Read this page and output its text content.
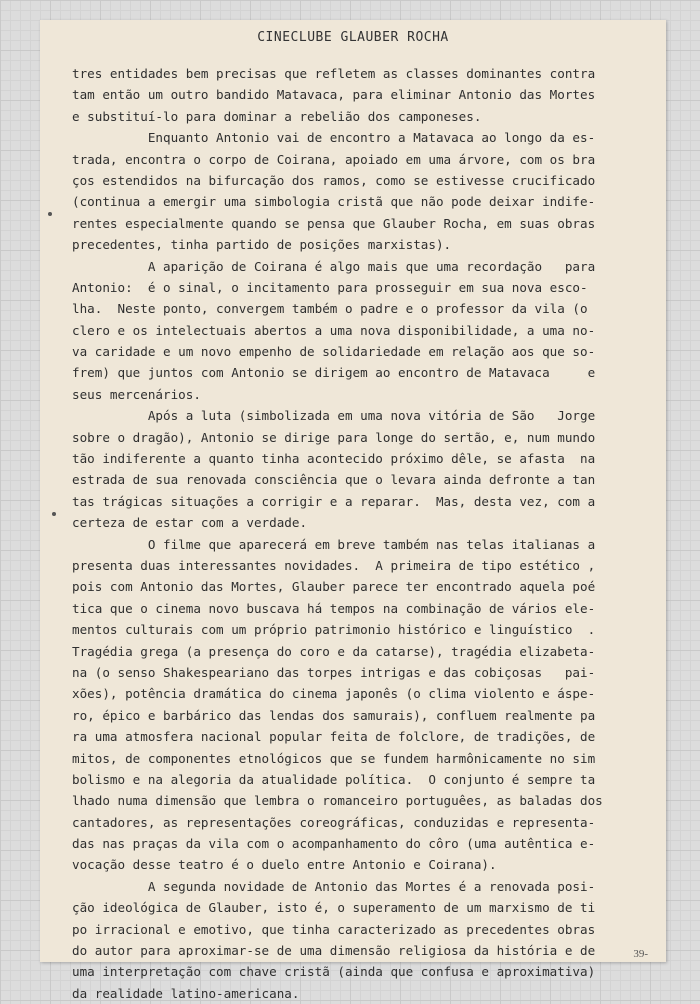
CINECLUBE GLAUBER ROCHA
tres entidades bem precisas que refletem as classes dominantes contra
tam então um outro bandido Matavaca, para eliminar Antonio das Mortes
e substituí-lo para dominar a rebelião dos camponeses.
Enquanto Antonio vai de encontro a Matavaca ao longo da es-
trada, encontra o corpo de Coirana, apoiado em uma árvore, com os bra
ços estendidos na bifurcação dos ramos, como se estivesse crucificado
(continua a emergir uma simbologia cristã que não pode deixar indife-
rentes especialmente quando se pensa que Glauber Rocha, em suas obras
precedentes, tinha partido de posições marxistas).
A aparição de Coirana é algo mais que uma recordação   para
Antonio:  é o sinal, o incitamento para prosseguir em sua nova esco-
lha.  Neste ponto, convergem também o padre e o professor da vila (o
clero e os intelectuais abertos a uma nova disponibilidade, a uma no-
va caridade e um novo empenho de solidariedade em relação aos que so-
frem) que juntos com Antonio se dirigem ao encontro de Matavaca     e
seus mercenários.
Após a luta (simbolizada em uma nova vitória de São   Jorge
sobre o dragão), Antonio se dirige para longe do sertão, e, num mundo
tão indiferente a quanto tinha acontecido próximo dêle, se afasta  na
estrada de sua renovada consciência que o levara ainda defronte a tan
tas trágicas situações a corrigir e a reparar.  Mas, desta vez, com a
certeza de estar com a verdade.
O filme que aparecerá em breve também nas telas italianas a
presenta duas interessantes novidades.  A primeira de tipo estético ,
pois com Antonio das Mortes, Glauber parece ter encontrado aquela poé
tica que o cinema novo buscava há tempos na combinação de vários ele-
mentos culturais com um próprio patrimonio histórico e linguístico  .
Tragédia grega (a presença do coro e da catarse), tragédia elizabeta-
na (o senso Shakespeariano das torpes intrigas e das cobiçosas   pai-
xões), potência dramática do cinema japonês (o clima violento e áspe-
ro, épico e barbárico das lendas dos samurais), confluem realmente pa
ra uma atmosfera nacional popular feita de folclore, de tradições, de
mitos, de componentes etnológicos que se fundem harmônicamente no sim
bolismo e na alegoria da atualidade política.  O conjunto é sempre ta
lhado numa dimensão que lembra o romanceiro portuguêes, as baladas dos
cantadores, as representações coreográficas, conduzidas e representa-
das nas praças da vila com o acompanhamento do côro (uma autêntica e-
vocação desse teatro é o duelo entre Antonio e Coirana).
A segunda novidade de Antonio das Mortes é a renovada posi-
ção ideológica de Glauber, isto é, o superamento de um marxismo de ti
po irracional e emotivo, que tinha caracterizado as precedentes obras
do autor para aproximar-se de uma dimensão religiosa da história e de
uma interpretação com chave cristã (ainda que confusa e aproximativa)
da realidade latino-americana.
39-
